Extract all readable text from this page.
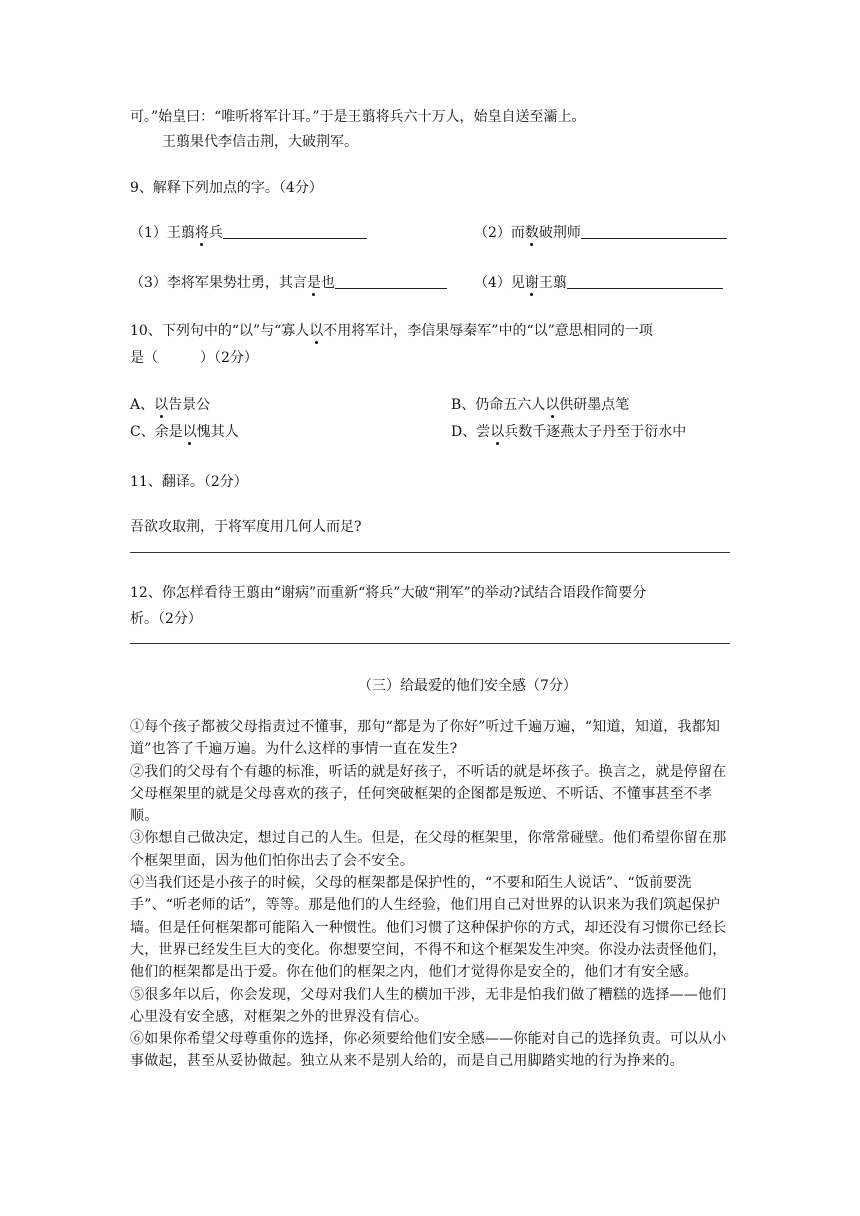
可。”始皇曰：“唯听将军计耳。”于是王翦将兵六十万人，始皇自送至灞上。
王翦果代李信击荆，大破荆军。
9、解释下列加点的字。（4分）
（1）王翦将兵	（2）而数破荆师
（3）李将军果势壮勇，其言是也	（4）见谢王翦
10、下列句中的“以”与“寡人以不用将军计，李信果辱秦军”中的“以”意思相同的一项
是（　　　）（2分）
A、以告景公	B、仍命五六人以供研墨点笔
C、余是以愧其人	D、尝以兵数千逐燕太子丹至于衍水中
11、翻译。（2分）
吾欲攻取荆，于将军度用几何人而足?
12、你怎样看待王翦由“谢病”而重新“将兵”大破“荆军”的举动?试结合语段作简要分
析。（2分）
（三）给最爱的他们安全感（7分）

①每个孩子都被父母指责过不懂事，那句“都是为了你好”听过千遍万遍，“知道，知道，我都知道”也答了千遍万遍。为什么这样的事情一直在发生?

②我们的父母有个有趣的标准，听话的就是好孩子，不听话的就是坏孩子。换言之，就是停留在父母框架里的就是父母喜欢的孩子，任何突破框架的企图都是叛逆、不听话、不懂事甚至不孝顺。

③你想自己做决定，想过自己的人生。但是，在父母的框架里，你常常碰壁。他们希望你留在那个框架里面，因为他们怕你出去了会不安全。

④当我们还是小孩子的时候，父母的框架都是保护性的，“不要和陌生人说话”、“饭前要洗手”、“听老师的话”，等等。那是他们的人生经验，他们用自己对世界的认识来为我们筑起保护墙。但是任何框架都可能陷入一种惯性。他们习惯了这种保护你的方式，却还没有习惯你已经长大，世界已经发生巨大的变化。你想要空间，不得不和这个框架发生冲突。你没办法责怪他们，他们的框架都是出于爱。你在他们的框架之内，他们才觉得你是安全的，他们才有安全感。

⑤很多年以后，你会发现，父母对我们人生的横加干涉，无非是怕我们做了糟糕的选择——他们心里没有安全感，对框架之外的世界没有信心。

⑥如果你希望父母尊重你的选择，你必须要给他们安全感——你能对自己的选择负责。可以从小事做起，甚至从妥协做起。独立从来不是别人给的，而是自己用脚踏实地的行为挣来的。
